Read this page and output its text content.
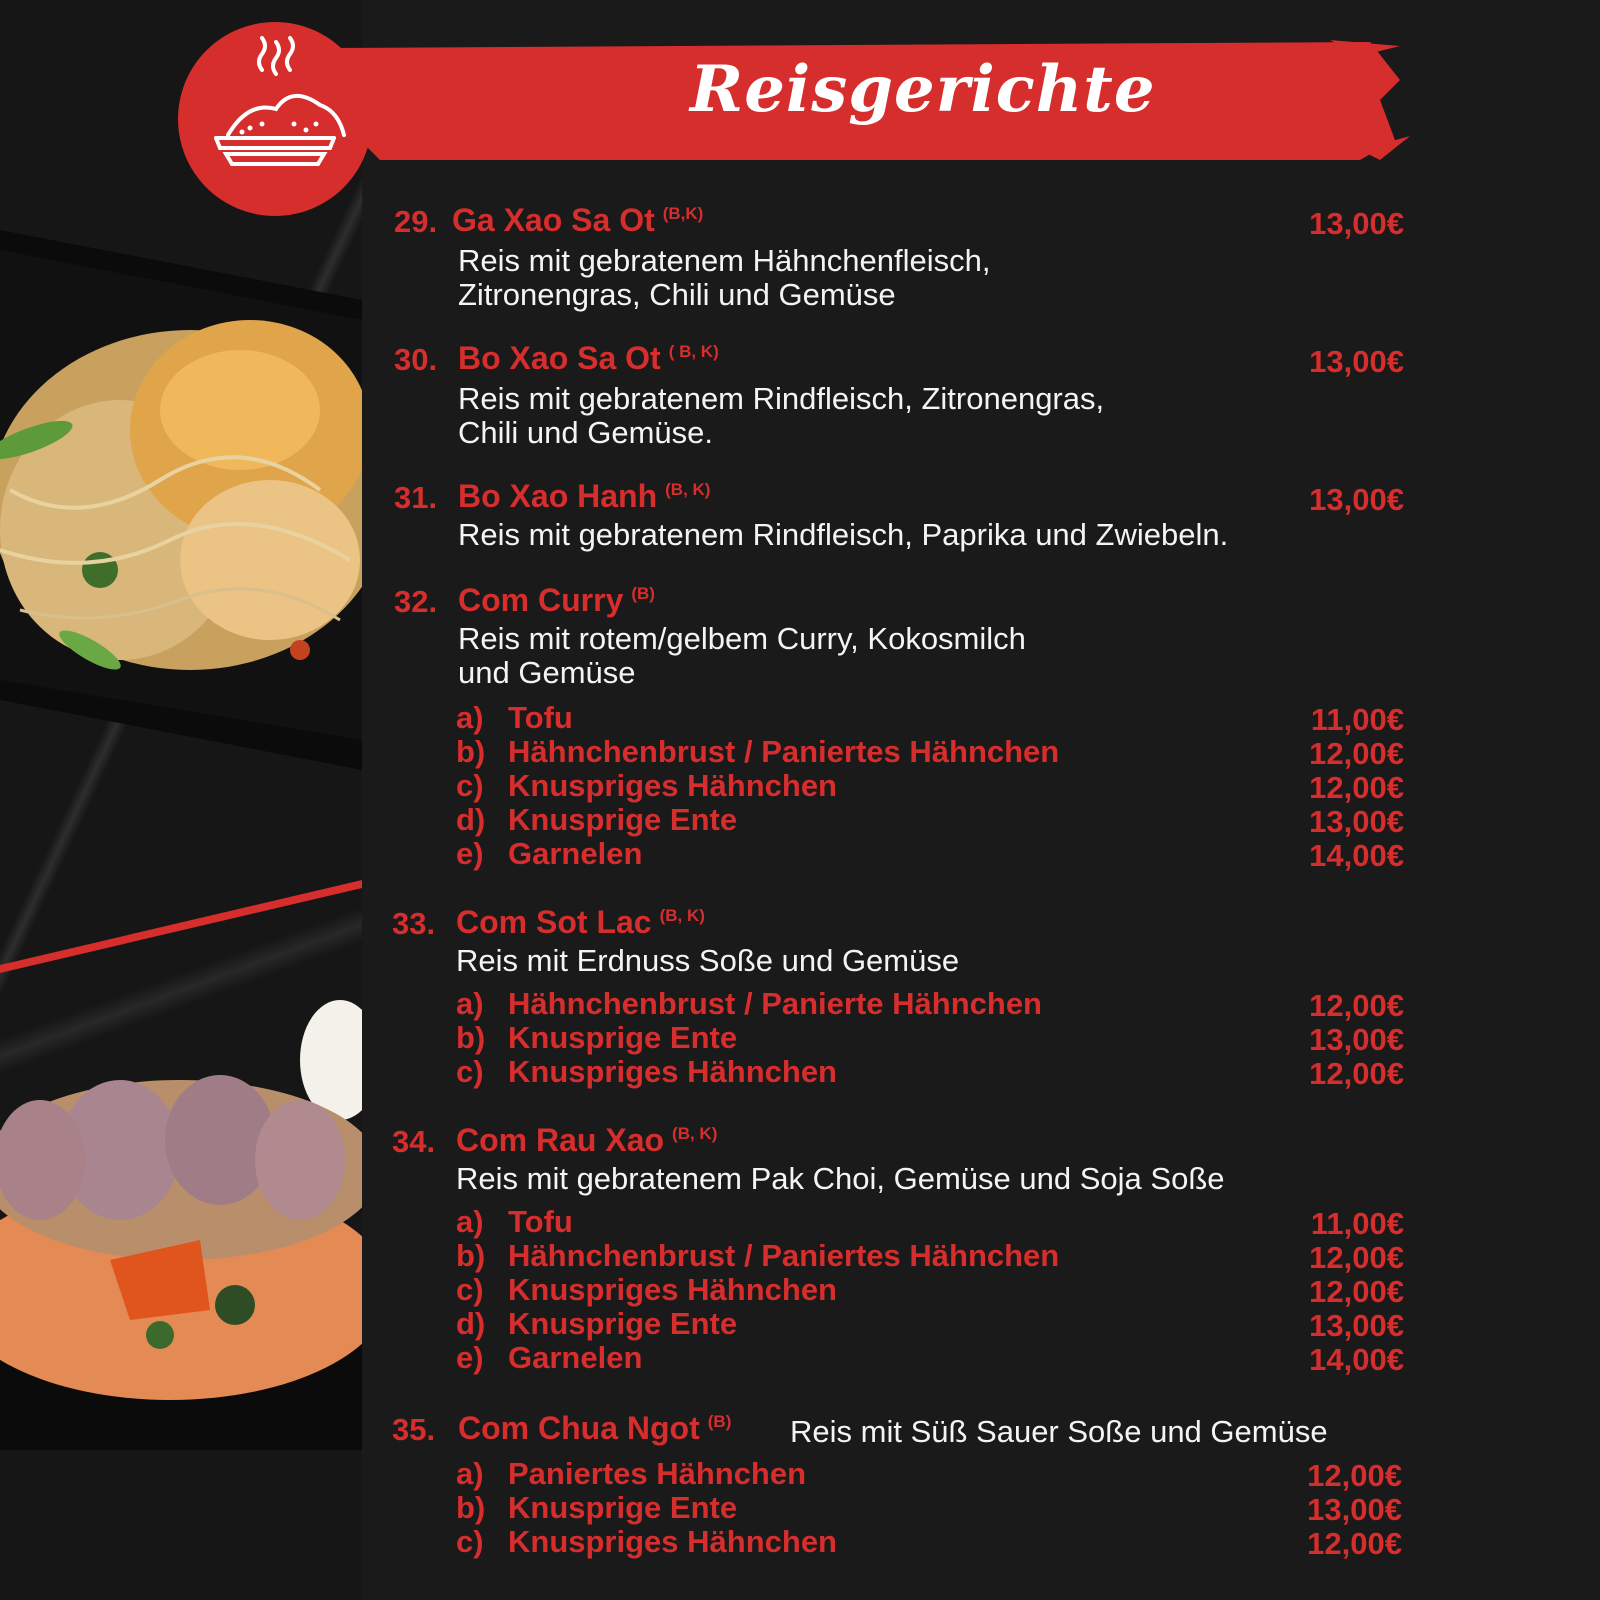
Reisgerichte
29. Ga Xao Sa Ot $^{(B,K)}$	13,00€
Reis mit gebratenem Hähnchenfleisch,
Zitronengras, Chili und Gemüse
30. Bo Xao Sa Ot $^{( B, K)}$	13,00€
Reis mit gebratenem Rindfleisch, Zitronengras,
Chili und Gemüse.
31. Bo Xao Hanh $^{(B, K)}$	13,00€
Reis mit gebratenem Rindfleisch, Paprika und Zwiebeln.
32. Com Curry $^{(B)}$
Reis mit rotem/gelbem Curry, Kokosmilch
und Gemüse
a) Tofu	11,00€
b) Hähnchenbrust / Paniertes Hähnchen	12,00€
c) Knuspriges Hähnchen	12,00€
d) Knusprige Ente	13,00€
e) Garnelen	14,00€
33. Com Sot Lac $^{(B, K)}$
Reis mit Erdnuss Soße und Gemüse
a) Hähnchenbrust / Panierte Hähnchen	12,00€
b) Knusprige Ente	13,00€
c) Knuspriges Hähnchen	12,00€
34. Com Rau Xao $^{(B, K)}$
Reis mit gebratenem Pak Choi, Gemüse und Soja Soße
a) Tofu	11,00€
b) Hähnchenbrust / Paniertes Hähnchen	12,00€
c) Knuspriges Hähnchen	12,00€
d) Knusprige Ente	13,00€
e) Garnelen	14,00€
35. Com Chua Ngot $^{(B)}$ Reis mit Süß Sauer Soße und Gemüse
a) Paniertes Hähnchen	12,00€
b) Knusprige Ente	13,00€
c) Knuspriges Hähnchen	12,00€
